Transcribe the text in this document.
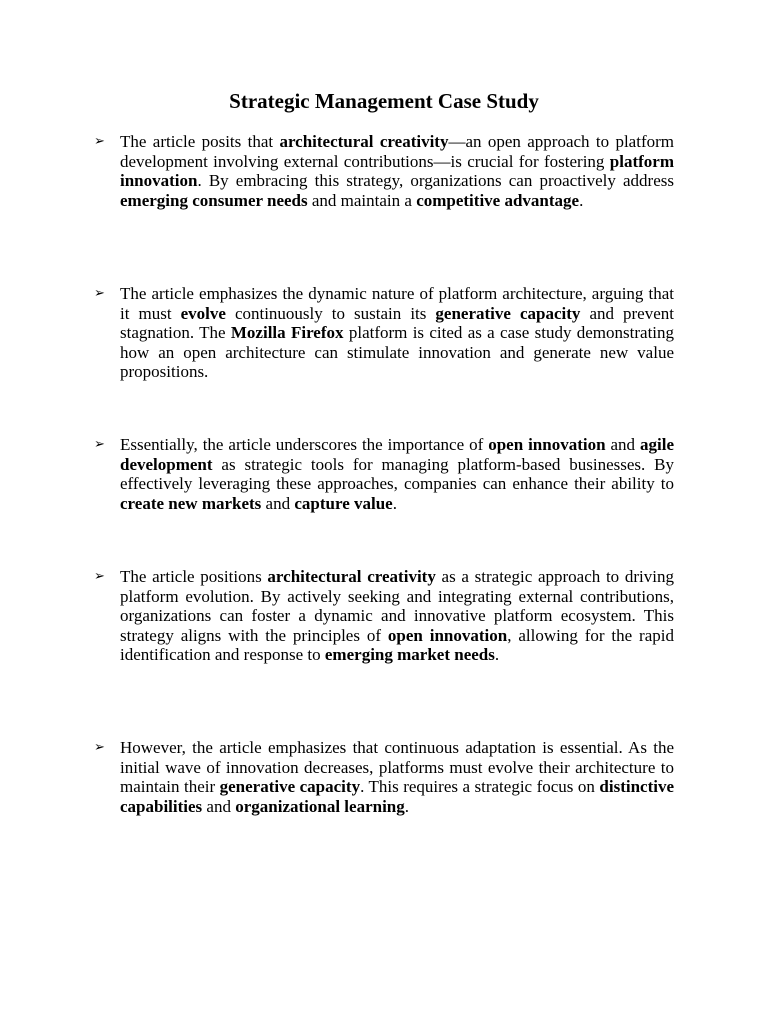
Strategic Management Case Study
➢ The article posits that architectural creativity—an open approach to platform development involving external contributions—is crucial for fostering platform innovation. By embracing this strategy, organizations can proactively address emerging consumer needs and maintain a competitive advantage.
➢ The article emphasizes the dynamic nature of platform architecture, arguing that it must evolve continuously to sustain its generative capacity and prevent stagnation. The Mozilla Firefox platform is cited as a case study demonstrating how an open architecture can stimulate innovation and generate new value propositions.
➢ Essentially, the article underscores the importance of open innovation and agile development as strategic tools for managing platform-based businesses. By effectively leveraging these approaches, companies can enhance their ability to create new markets and capture value.
➢ The article positions architectural creativity as a strategic approach to driving platform evolution. By actively seeking and integrating external contributions, organizations can foster a dynamic and innovative platform ecosystem. This strategy aligns with the principles of open innovation, allowing for the rapid identification and response to emerging market needs.
➢ However, the article emphasizes that continuous adaptation is essential. As the initial wave of innovation decreases, platforms must evolve their architecture to maintain their generative capacity. This requires a strategic focus on distinctive capabilities and organizational learning.
